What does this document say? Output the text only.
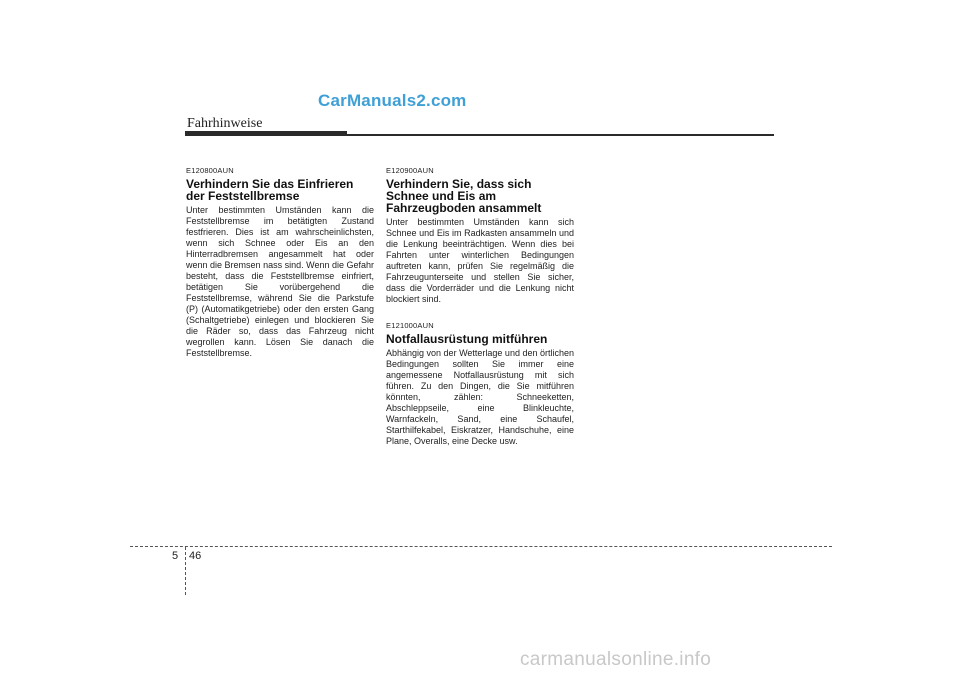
CarManuals2.com
Fahrhinweise

E120800AUN

Verhindern Sie das Einfrieren der Feststellbremse

Unter bestimmten Umständen kann die Feststellbremse im betätigten Zustand festfrieren. Dies ist am wahrscheinlichsten, wenn sich Schnee oder Eis an den Hinterradbremsen angesammelt hat oder wenn die Bremsen nass sind. Wenn die Gefahr besteht, dass die Feststellbremse einfriert, betätigen Sie vorübergehend die Feststellbremse, während Sie die Parkstufe (P) (Automatikgetriebe) oder den ersten Gang (Schaltgetriebe) einlegen und blockieren Sie die Räder so, dass das Fahrzeug nicht wegrollen kann. Lösen Sie danach die Feststellbremse.

E120900AUN

Verhindern Sie, dass sich Schnee und Eis am Fahrzeugboden ansammelt

Unter bestimmten Umständen kann sich Schnee und Eis im Radkasten ansammeln und die Lenkung beeinträchtigen. Wenn dies bei Fahrten unter winterlichen Bedingungen auftreten kann, prüfen Sie regelmäßig die Fahrzeugunterseite und stellen Sie sicher, dass die Vorderräder und die Lenkung nicht blockiert sind.

E121000AUN

Notfallausrüstung mitführen

Abhängig von der Wetterlage und den örtlichen Bedingungen sollten Sie immer eine angemessene Notfallausrüstung mit sich führen. Zu den Dingen, die Sie mitführen könnten, zählen: Schneeketten, Abschleppseile, eine Blinkleuchte, Warnfackeln, Sand, eine Schaufel, Starthilfekabel, Eiskratzer, Handschuhe, eine Plane, Overalls, eine Decke usw.

5 46
carmanualsonline.info
